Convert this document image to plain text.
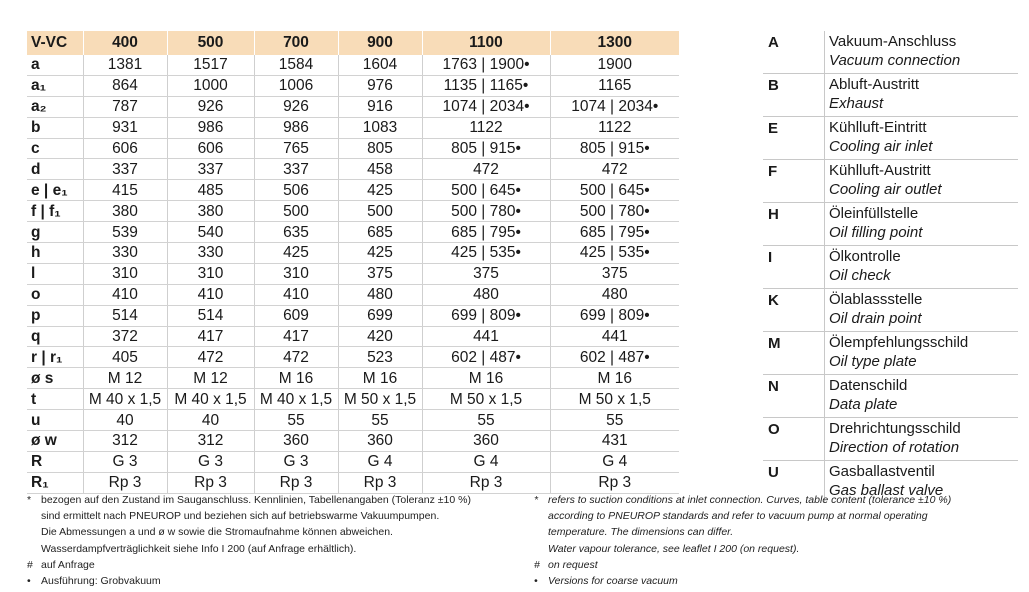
V-VC	400	500	700	900	1100	1300
a	1381	1517	1584	1604	1763 | 1900•	1900
a₁	864	1000	1006	976	1135 | 1165•	1165
a₂	787	926	926	916	1074 | 2034•	1074 | 2034•
b	931	986	986	1083	1122	1122
c	606	606	765	805	805 | 915•	805 | 915•
d	337	337	337	458	472	472
e | e₁	415	485	506	425	500 | 645•	500 | 645•
f | f₁	380	380	500	500	500 | 780•	500 | 780•
g	539	540	635	685	685 | 795•	685 | 795•
h	330	330	425	425	425 | 535•	425 | 535•
l	310	310	310	375	375	375
o	410	410	410	480	480	480
p	514	514	609	699	699 | 809•	699 | 809•
q	372	417	417	420	441	441
r | r₁	405	472	472	523	602 | 487•	602 | 487•
ø s	M 12	M 12	M 16	M 16	M 16	M 16
t	M 40 x 1,5	M 40 x 1,5	M 40 x 1,5	M 50 x 1,5	M 50 x 1,5	M 50 x 1,5
u	40	40	55	55	55	55
ø w	312	312	360	360	360	431
R	G 3	G 3	G 3	G 4	G 4	G 4
R₁	Rp 3	Rp 3	Rp 3	Rp 3	Rp 3	Rp 3
A	Vakuum-Anschluss
Vacuum connection

B	Abluft-Austritt
Exhaust

E	Kühlluft-Eintritt
Cooling air inlet

F	Kühlluft-Austritt
Cooling air outlet

H	Öleinfüllstelle
Oil filling point

I	Ölkontrolle
Oil check

K	Ölablassstelle
Oil drain point

M	Ölempfehlungsschild
Oil type plate

N	Datenschild
Data plate

O	Drehrichtungsschild
Direction of rotation

U	Gasballastventil
Gas ballast valve
* bezogen auf den Zustand im Sauganschluss. Kennlinien, Tabellenangaben (Toleranz ±10 %)
sind ermittelt nach PNEUROP und beziehen sich auf betriebswarme Vakuumpumpen.
Die Abmessungen a und ø w sowie die Stromaufnahme können abweichen.
Wasserdampfverträglichkeit siehe Info I 200 (auf Anfrage erhältlich).
# auf Anfrage
• Ausführung: Grobvakuum
* refers to suction conditions at inlet connection. Curves, table content (tolerance ±10 %)
according to PNEUROP standards and refer to vacuum pump at normal operating
temperature. The dimensions can differ.
Water vapour tolerance, see leaflet I 200 (on request).
# on request
• Versions for coarse vacuum
